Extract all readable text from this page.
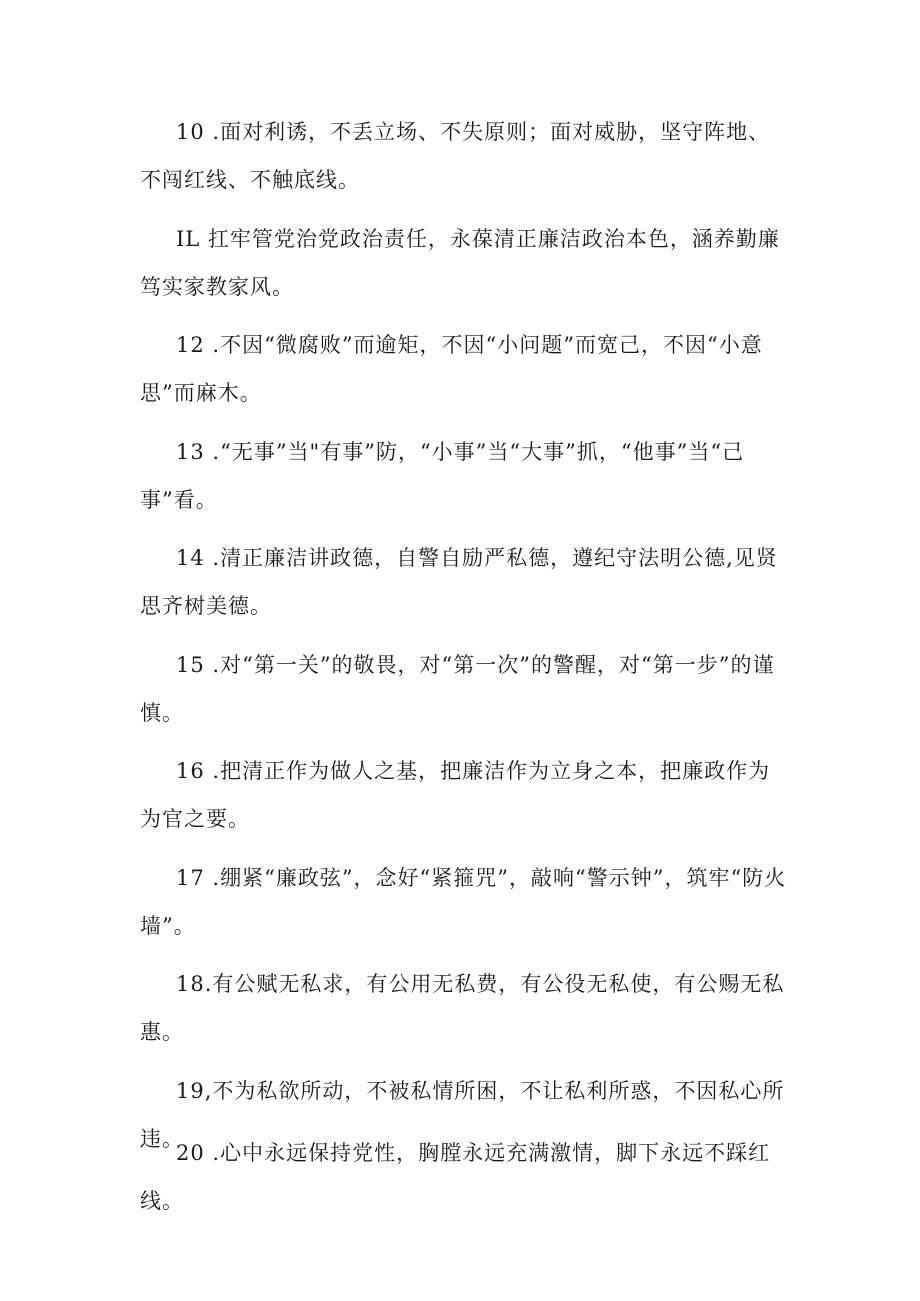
10 .面对利诱，不丢立场、不失原则；面对威胁，坚守阵地、不闯红线、不触底线。

IL 扛牢管党治党政治责任，永葆清正廉洁政治本色，涵养勤廉笃实家教家风。

12 .不因“微腐败”而逾矩，不因“小问题”而宽己，不因“小意思”而麻木。

13 .“无事”当"有事”防，“小事”当“大事”抓，“他事”当“己事”看。

14 .清正廉洁讲政德，自警自励严私德，遵纪守法明公德,见贤思齐树美德。

15 .对“第一关”的敬畏，对“第一次”的警醒，对“第一步”的谨慎。

16 .把清正作为做人之基，把廉洁作为立身之本，把廉政作为为官之要。

17 .绷紧“廉政弦”，念好“紧箍咒”，敲响“警示钟”，筑牢“防火墙”。

18.有公赋无私求，有公用无私费，有公役无私使，有公赐无私惠。

19,不为私欲所动，不被私情所困，不让私利所惑，不因私心所违。

20 .心中永远保持党性，胸膛永远充满激情，脚下永远不踩红线。
